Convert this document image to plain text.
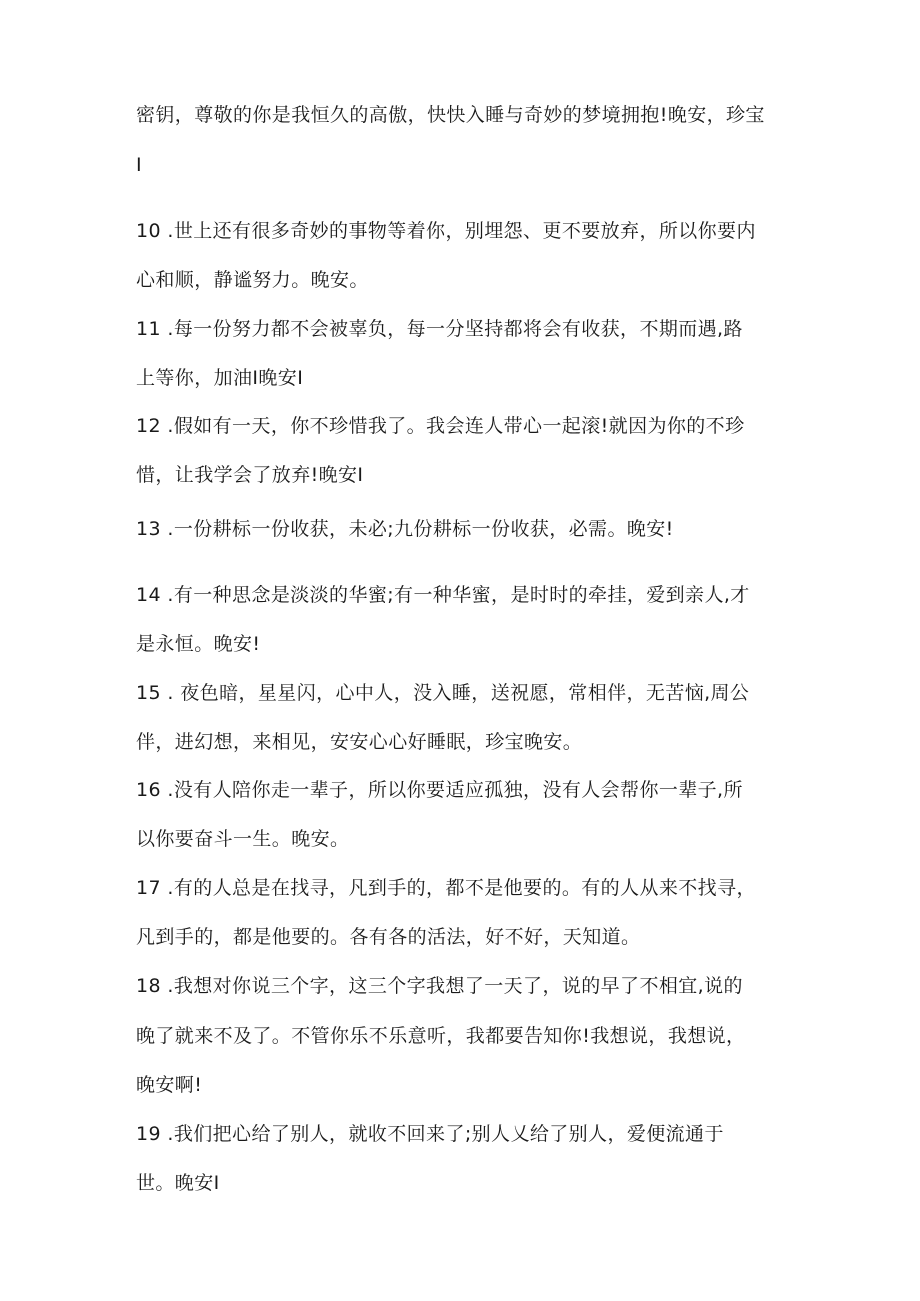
密钥，尊敬的你是我恒久的高傲，快快入睡与奇妙的梦境拥抱!晚安，珍宝
I
10 .世上还有很多奇妙的事物等着你，别埋怨、更不要放弃，所以你要内
心和顺，静谧努力。晚安。
11 .每一份努力都不会被辜负，每一分坚持都将会有收获，不期而遇,路
上等你，加油I晚安I
12 .假如有一天，你不珍惜我了。我会连人带心一起滚!就因为你的不珍
惜，让我学会了放弃!晚安I
13 .一份耕标一份收获，未必;九份耕标一份收获，必需。晚安!
14 .有一种思念是淡淡的华蜜;有一种华蜜，是时时的牵挂，爱到亲人,才
是永恒。晚安!
15 . 夜色暗，星星闪，心中人，没入睡，送祝愿，常相伴，无苦恼,周公
伴，进幻想，来相见，安安心心好睡眠，珍宝晚安。
16 .没有人陪你走一辈子，所以你要适应孤独，没有人会帮你一辈子,所
以你要奋斗一生。晚安。
17 .有的人总是在找寻，凡到手的，都不是他要的。有的人从来不找寻，
凡到手的，都是他要的。各有各的活法，好不好，天知道。
18 .我想对你说三个字，这三个字我想了一天了，说的早了不相宜,说的
晚了就来不及了。不管你乐不乐意听，我都要告知你!我想说，我想说，
晚安啊!
19 .我们把心给了别人，就收不回来了;别人乂给了别人，爱便流通于
世。晚安I
